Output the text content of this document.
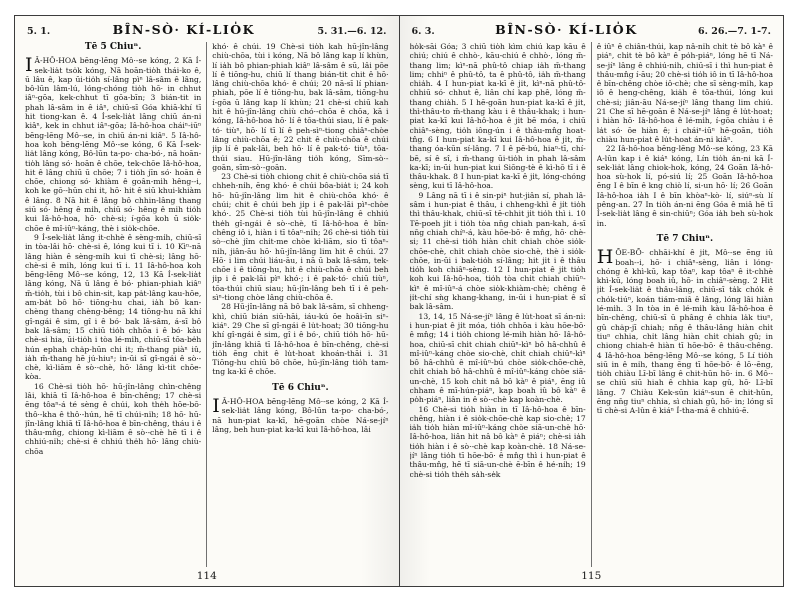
5. 1.	BÎN-SÒ· KÍ-LIO̍K	5. 31.—6. 12.
Tē 5 Chiuⁿ.

I Â-HÔ-HOA bēng-lēng Mô·-se kóng, 2 Kā Í-sek-lia̍t tso̍k kóng, Nā hoān-tio̍h thái-ko ê, ū lâu ê, kap ūi-tio̍h sí-lâng pìⁿ lâ-sâm ê lâng, bô-lūn lâm-lú, lóng-chóng tio̍h hō· in chhut iâⁿ-gōa, kek-chhut tī gōa-bīn; 3 bián-tit in phah lâ-sâm in ê iâⁿ, chiū-sī Góa khiā-khí tī hit tiong-kan ê. 4 Í-sek-lia̍t lâng chiū án-ni kiâⁿ, kek in chhut iâⁿ-gōa; Iâ-hô-hoa cháiⁿ-iūⁿ bēng-lēng Mô·-se, in chiū án-ni kiâⁿ. 5 Iâ-hô-hoa koh bēng-lēng Mô·-se kóng, 6 Kā Í-sek-lia̍t lâng kóng, Bô-lūn ta-po· cha-bó·, nā hoān-tio̍h lâng só· hoān ê chōe, tek-chōe Iâ-hô-hoa, hit ê lâng chiū ū chōe; 7 i tio̍h jīn só· hoān ê chōe, chiong só· khiàm ê goân-mi̍h hêng--i, koh ke gō·-hūn chi it, hō· hit ê siū khui-khiàm ê lâng. 8 Nā hit ê lâng bô chhin-lâng thang siū só· hêng ê mi̍h, chiū só· hêng ê mi̍h tio̍h kui Iâ-hô-hoa, hō· chè-si; í-gōa koh ū sio̍k-chōe ê mî-iûⁿ-káng, thè i sio̍k-chōe.

9 Í-sek-lia̍t lâng it-chhè ê sèng-mi̍h, chiū-sī in tòa-lâi hō· chè-si ê, lóng kui tī i. 10 Kìⁿ-nā lâng hiàn ê sèng-mi̍h kui tī chè-si; lâng hō· chè-si ê mi̍h, lóng kui tī i. 11 Iâ-hô-hoa koh bēng-lēng Mô·-se kóng, 12, 13 Kā Í-sek-lia̍t lâng kóng, Nā ū lâng ê bó· phian-phiah kiâⁿ m̄-tio̍h, tùi i bô chin-si̍t, kap pa̍t-lâng kau-hōe, am-ba̍t bô hō· tiōng-hu chai, ia̍h bô kan-chèng thang chèng-bêng; 14 tiōng-hu nā khí gî-ngái ê sim, gî i ê bó· bak lâ-sâm, á-sī bô bak lâ-sâm; 15 chiū tio̍h chhōa i ê bó· kàu chè-si hia, ūi-tio̍h i tòa lé-mi̍h, chiū-sī tōa-be̍h hún ephah cha̍p-hūn chi it; m̄-thang piàⁿ iû, ia̍h m̄-thang hē jú-hiuⁿ; in-ūi sī gî-ngái ê sò·-chè, kì-liām ê sò·-chè, hō· lâng kì-tit chōe-kòa.

16 Chè-si tio̍h hō· hū-jîn-lâng chìn-chêng lâi, khiā tī Iâ-hô-hoa ê bīn-chêng; 17 chè-si ēng tôaⁿ-á té sèng ê chúi, koh the̍h hōe-bō· thô·-kha ê thô·-hún, hē tī chúi-ni̍h; 18 hō· hū-jîn-lâng khiā tī Iâ-hô-hoa ê bīn-chêng, tháu i ê thâu-mn̂g, chiong kì-liām ê sò·-chè hē tī i ê chhiú-ni̍h; chè-si ê chhiú the̍h hō· lâng chiù-chōa

khó· ê chúi. 19 Chè-si tio̍h kah hū-jîn-lâng chiù-chōa, tùi i kóng, Nā bô lâng kap lí khùn, lí ia̍h bô phian-phiah kiâⁿ lâ-sâm ê sū, lâi pōe lí ê tiōng-hu, chiū lí thang bián-tit chit ê hō· lâng chiù-chōa khó· ê chúi; 20 nā-sī lí phian-phiah, pōe lí ê tiōng-hu, bak lâ-sâm, tiōng-hu í-gōa ū lâng kap lí khùn; 21 chè-si chiū kah hit ê hū-jîn-lâng chiù chó·-chōa ê chōa, kā i kóng, Iâ-hô-hoa hō· lí ê tōa-thúi siau, lí ê pak-tó· tiùⁿ, hō· lí tī lí ê peh-sìⁿ-tiong chiâⁿ-chòe lâng chiù-chōa ê; 22 chit ê chiù-chōa ê chúi ji̍p lí ê pak-lāi, beh hō· lí ê pak-tó· tiùⁿ, tōa-thúi siau. Hū-jîn-lâng tio̍h kóng, Sīm-sò·-goān, sīm-sò·-goān.

23 Chè-si tio̍h chiong chit ê chiù-chōa siá tī chheh-ni̍h, ēng khó· ê chúi bôa-bia̍t i; 24 koh hō· hū-jîn-lâng lim hit ê chiù-chōa khó· ê chúi; chit ê chúi beh ji̍p i ê pak-lāi pìⁿ-chòe khó·. 25 Chè-si tio̍h tùi hū-jîn-lâng ê chhiú the̍h gî-ngái ê sò·-chè, tī Iâ-hô-hoa ê bīn-chêng iô i, hiàn i tī tôaⁿ-ni̍h; 26 chè-si tio̍h tùi sò·-chè jîm chi̍t-me chòe kì-liām, sio tī tôaⁿ-ni̍h, jiân-āu hō· hū-jîn-lâng lim hit ê chúi. 27 Hō· i lim chúi liáu-āu, i nā ū bak lâ-sâm, tek-chōe i ê tiōng-hu, hit ê chiù-chōa ê chúi beh ji̍p i ê pak-lāi pìⁿ khó·; i ê pak-tó· chiū tiùⁿ, tōa-thúi chiū siau; hū-jîn-lâng beh tī i ê peh-sìⁿ-tiong chòe lâng chiù-chōa ê.

28 Hū-jîn-lâng nā bô bak lâ-sâm, sī chheng-khì, chiū bián siū-hāi, iáu-kú ōe hoâi-īn siⁿ-kiáⁿ. 29 Che sī gî-ngái ê lu̍t-hoat; 30 tiōng-hu khí gî-ngái ê sim, gî i ê bó·, chiū tio̍h hō· hū-jîn-lâng khiā tī Iâ-hô-hoa ê bīn-chêng, chè-si tio̍h ēng chit ê lu̍t-hoat khoán-thāi i. 31 Tiōng-hu chiū bô chōe, hū-jîn-lâng tio̍h tam-tng ka-kī ê chōe.

Tē 6 Chiuⁿ.

I Â-HÔ-HOA bēng-lēng Mô·-se kóng, 2 Kā Í-sek-lia̍t lâng kóng, Bô-lūn ta-po· cha-bó·, nā hun-piat ka-kī, hē-goān chòe Ná-se-jíⁿ lâng, beh hun-piat ka-kī kui Iâ-hô-hoa, lâi

114
6. 3.	BÎN-SÒ· KÍ-LIO̍K	6. 26.—7. 1-7.

ho̍k-sāi Góa; 3 chiū tio̍h kìm chiú kap kāu ê chiú; chiú ê chhò·, kāu-chiú ê chhò·, lóng m̄-thang lim; kìⁿ-nā phû-tô chiap ia̍h m̄-thang lim; chhiⁿ ê phû-tô, ta ê phû-tô, ia̍h m̄-thang chia̍h. 4 I hun-piat ka-kī ê ji̍t, kìⁿ-nā phû-tô-chhiū só· chhut ê, liân chí kap phê, lóng m̄-thang chia̍h. 5 I hē-goān hun-piat ka-kī ê ji̍t, thì-thâu-to m̄-thang kàu i ê thâu-khak; i hun-piat ka-kī kui Iâ-hô-hoa ê ji̍t bē móa, i chiū chiâⁿ-sèng, tio̍h iông-ún i ê thâu-mn̂g hoat-tn̂g. 6 I hun-piat ka-kī kui Iâ-hô-hoa ê ji̍t, m̄-thang óa-kūn sí-lâng. 7 I ê pē-bú, hiaⁿ-tī, chí-bē, sí ê sî, i m̄-thang ūi-tio̍h in phah lâ-sâm ka-kī; in-ūi hun-piat kui Siōng-tè ê kì-hō tī i ê thâu-khak. 8 I hun-piat ka-kī ê ji̍t, lóng-chóng sèng, kui tī Iâ-hô-hoa.

9 Lâng nā tī i ê sin-piⁿ hut-jiân sí, phah lâ-sâm i hun-piat ê thâu, i chheng-khì ê ji̍t tio̍h thì thâu-khak, chiū-sī tē-chhit ji̍t tio̍h thì i. 10 Tē-poeh ji̍t i tio̍h tòa nn̄g chiah pan-kah, á-sī nn̄g chiah chíⁿ-á, kàu hōe-bō· ê mn̂g, hō· chè-si; 11 chè-si tio̍h hiàn chi̍t chiah chòe sio̍k-chōe-chè, chi̍t chiah chòe sio-chè, thè i sio̍k-chōe, in-ūi i bak-tio̍h sí-lâng; hit ji̍t i ê thâu tio̍h koh chiâⁿ-sèng. 12 I hun-piat ê ji̍t tio̍h koh kui Iâ-hô-hoa, tio̍h tòa chi̍t chiah chiūⁿ-kìⁿ ê mî-iûⁿ-á chòe sio̍k-khiàm-chè; chêng ê ji̍t-chí sǹg khang-khang, in-ūi i hun-piat ê sî bak lâ-sâm.

13, 14, 15 Ná-se-jíⁿ lâng ê lu̍t-hoat sī án-ni: i hun-piat ê ji̍t móa, tio̍h chhōa i kàu hōe-bō· ê mn̂g; 14 i tio̍h chiong lé-mi̍h hiàn hō· Iâ-hô-hoa, chiū-sī chi̍t chiah chiūⁿ-kìⁿ bô hâ-chhû ê mî-iûⁿ-káng chòe sio-chè, chi̍t chiah chiūⁿ-kìⁿ bô hâ-chhû ê mî-iûⁿ-bú chòe sio̍k-chōe-chè, chi̍t chiah bô hâ-chhû ê mî-iûⁿ-káng chòe siā-un-chè, 15 koh chi̍t nâ bô kàⁿ ê piáⁿ, ēng iû chham ê mī-hún-piáⁿ, kap boah iû bô kàⁿ ê po̍h-piáⁿ, liân in ê sò·-chè kap koàn-chè.

16 Chè-si tio̍h hiàn in tī Iâ-hô-hoa ê bīn-chêng, hiàn i ê sio̍k-chōe-chè kap sio-chè; 17 ia̍h tio̍h hiàn mî-iûⁿ-káng chòe siā-un-chè hō· Iâ-hô-hoa, liân hit nâ bô kàⁿ ê piáⁿ; chè-si ia̍h tio̍h hiàn i ê sò·-chè kap koàn-chè. 18 Ná-se-jíⁿ lâng tio̍h tī hōe-bō· ê mn̂g thì i hun-piat ê thâu-mn̂g, hē tī siā-un-chè ē-bīn ê hé-ni̍h; 19 chè-si tio̍h the̍h sa̍h-se̍k

ê iûⁿ ê chiân-thúi, kap nâ-ni̍h chi̍t tè bô kàⁿ ê piáⁿ, chi̍t tè bô kàⁿ ê po̍h-piáⁿ, lóng hē tī Ná-se-jíⁿ lâng ê chhiú-ni̍h, chiū-sī i thì hun-piat ê thâu-mn̂g í-āu; 20 chè-si tio̍h iô in tī Iâ-hô-hoa ê bīn-chêng chòe iô-chè; che sī sèng-mi̍h, kap iô ê heng-chêng, kia̍h ê tōa-thúi, lóng kui chè-si; jiân-āu Ná-se-jíⁿ lâng thang lim chiú. 21 Che sī hē-goān ê Ná-se-jíⁿ lâng ê lu̍t-hoat; i hiàn hō· Iâ-hô-hoa ê lé-mi̍h, í-gōa chiàu i ê la̍t só· ōe hiàn ê; i cháiⁿ-iūⁿ hē-goān, tio̍h chiàu hun-piat ê lu̍t-hoat án-ni kiâⁿ.

22 Iâ-hô-hoa bēng-lēng Mô·-se kóng, 23 Kā A-lûn kap i ê kiáⁿ kóng, Lín tio̍h án-ni kā Í-sek-lia̍t lâng chiok-hok, kóng, 24 Goān Iâ-hô-hoa sù-hok lí, pó-siú lí; 25 Goān Iâ-hô-hoa ēng I ê bīn ê kng chiò lí, si-un hō· lí; 26 Goān Iâ-hô-hoa ia̍h I ê bīn khòaⁿ-kò· lí, siúⁿ-sù lí pêng-an. 27 In tio̍h án-ni ēng Góa ê miâ hē tī Í-sek-lia̍t lâng ê sin-chiūⁿ; Góa ia̍h beh sù-hok in.

Tē 7 Chiuⁿ.

HŌE-BŌ· chhāi-khí ê ji̍t, Mô·-se ēng iû boah--i, hō· i chiâⁿ-sèng, liân i lóng-chóng ê khì-kū, kap tôaⁿ, kap tôaⁿ ê it-chhè khì-kū, lóng boah iû, hō· in chiâⁿ-sèng. 2 Hit ji̍t Í-sek-lia̍t ê thâu-lâng, chiū-sī ta̍k cho̍k ê cho̍k-tiúⁿ, koán tiám-miâ ê lâng, lóng lâi hiàn lé-mi̍h. 3 In tòa in ê lé-mi̍h kàu Iâ-hô-hoa ê bīn-chêng, chiū-sī ū phâng ê chhia la̍k tiuⁿ, gû cha̍p-jī chiah; nn̄g ê thâu-lâng hiàn chi̍t tiuⁿ chhia, chi̍t lâng hiàn chi̍t chiah gû; in chiong chiah-ê hiàn tī hōe-bō· ê thâu-chêng. 4 Iâ-hô-hoa bēng-lēng Mô·-se kóng, 5 Lí tio̍h siū in ê mi̍h, thang ēng tī hōe-bō· ê lō·-ēng, tio̍h chiàu Lī-bī lâng ê chit-hūn hō· in. 6 Mô·-se chiū siū hiah ê chhia kap gû, hō· Lī-bī lâng. 7 Chiàu Kek-sūn kiáⁿ-sun ê chit-hūn, ēng nn̄g tiuⁿ chhia, sì chiah gû, hō· in; lóng sī tī chè-si A-lûn ê kiáⁿ Í-tha-má ê chhiú-ē.

115
